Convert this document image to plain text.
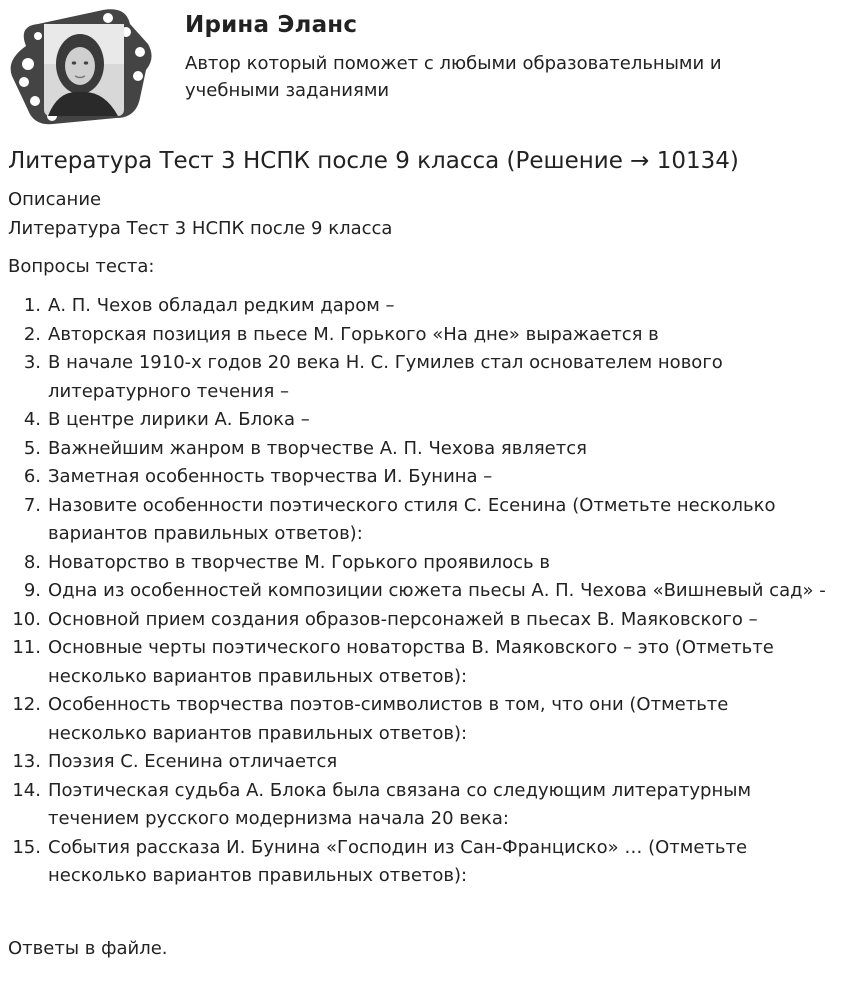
Ирина Эланс
Автор который поможет с любыми образовательными и учебными заданиями
Литература Тест 3 НСПК после 9 класса (Решение → 10134)
Описание
Литература Тест 3 НСПК после 9 класса
Вопросы теста:
1. А. П. Чехов обладал редким даром –
2. Авторская позиция в пьесе М. Горького «На дне» выражается в
3. В начале 1910-х годов 20 века Н. С. Гумилев стал основателем нового литературного течения –
4. В центре лирики А. Блока –
5. Важнейшим жанром в творчестве А. П. Чехова является
6. Заметная особенность творчества И. Бунина –
7. Назовите особенности поэтического стиля С. Есенина (Отметьте несколько вариантов правильных ответов):
8. Новаторство в творчестве М. Горького проявилось в
9. Одна из особенностей композиции сюжета пьесы А. П. Чехова «Вишневый сад» -
10. Основной прием создания образов-персонажей в пьесах В. Маяковского –
11. Основные черты поэтического новаторства В. Маяковского – это (Отметьте несколько вариантов правильных ответов):
12. Особенность творчества поэтов-символистов в том, что они (Отметьте несколько вариантов правильных ответов):
13. Поэзия С. Есенина отличается
14. Поэтическая судьба А. Блока была связана со следующим литературным течением русского модернизма начала 20 века:
15. События рассказа И. Бунина «Господин из Сан-Франциско» … (Отметьте несколько вариантов правильных ответов):
Ответы в файле.
